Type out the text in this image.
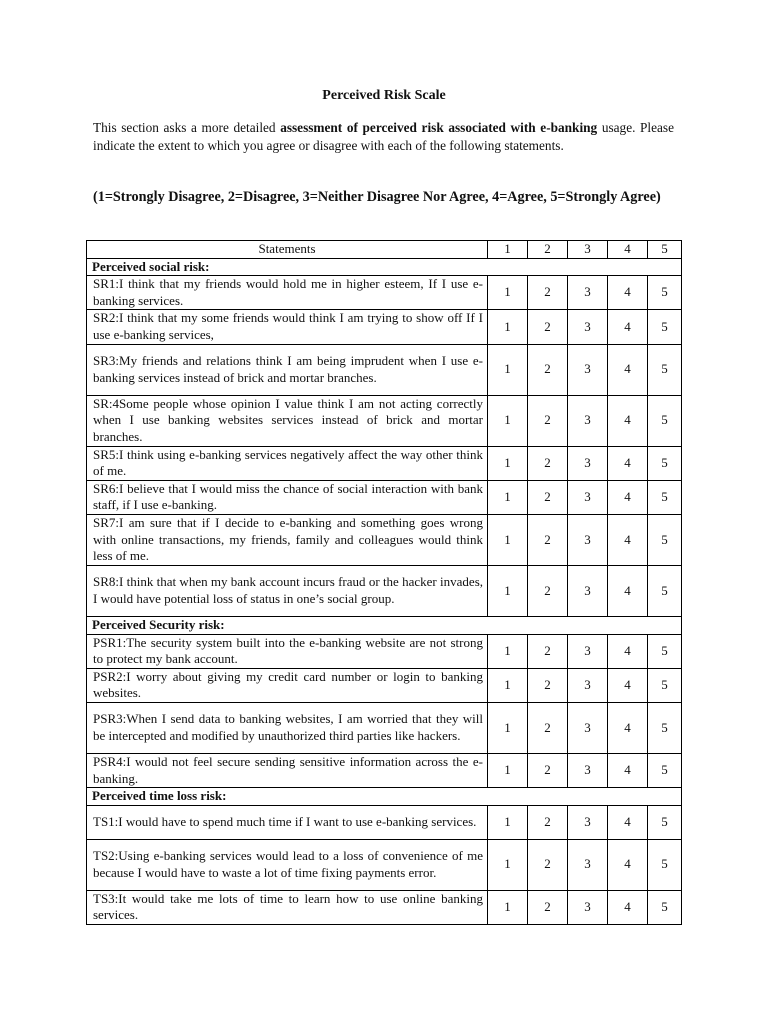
Perceived Risk Scale

This section asks a more detailed assessment of perceived risk associated with e-banking usage. Please indicate the extent to which you agree or disagree with each of the following statements.

(1=Strongly Disagree, 2=Disagree, 3=Neither Disagree Nor Agree, 4=Agree, 5=Strongly Agree)

Statements	1	2	3	4	5
Perceived social risk:					
SR1:I think that my friends would hold me in higher esteem, If I use e-banking services.	1	2	3	4	5
SR2:I think that my some friends would think I am trying to show off If I use e-banking services,	1	2	3	4	5
SR3:My friends and relations think I am being imprudent when I use e-banking services instead of brick and mortar branches.	1	2	3	4	5
SR:4Some people whose opinion I value think I am not acting correctly when I use banking websites services instead of brick and mortar branches.	1	2	3	4	5
SR5:I think using e-banking services negatively affect the way other think of me.	1	2	3	4	5
SR6:I believe that I would miss the chance of social interaction with bank staff, if I use e-banking.	1	2	3	4	5
SR7:I am sure that if I decide to e-banking and something goes wrong with online transactions, my friends, family and colleagues would think less of me.	1	2	3	4	5
SR8:I think that when my bank account incurs fraud or the hacker invades, I would have potential loss of status in one’s social group.	1	2	3	4	5
Perceived Security risk:					
PSR1:The security system built into the e-banking website are not strong to protect my bank account.	1	2	3	4	5
PSR2:I worry about giving my credit card number or login to banking websites.	1	2	3	4	5
PSR3:When I send data to banking websites, I am worried that they will be intercepted and modified by unauthorized third parties like hackers.	1	2	3	4	5
PSR4:I would not feel secure sending sensitive information across the e-banking.	1	2	3	4	5
Perceived time loss risk:					
TS1:I would have to spend much time if I want to use e-banking services.	1	2	3	4	5
TS2:Using e-banking services would lead to a loss of convenience of me because I would have to waste a lot of time fixing payments error.	1	2	3	4	5
TS3:It would take me lots of time to learn how to use online banking services.	1	2	3	4	5
